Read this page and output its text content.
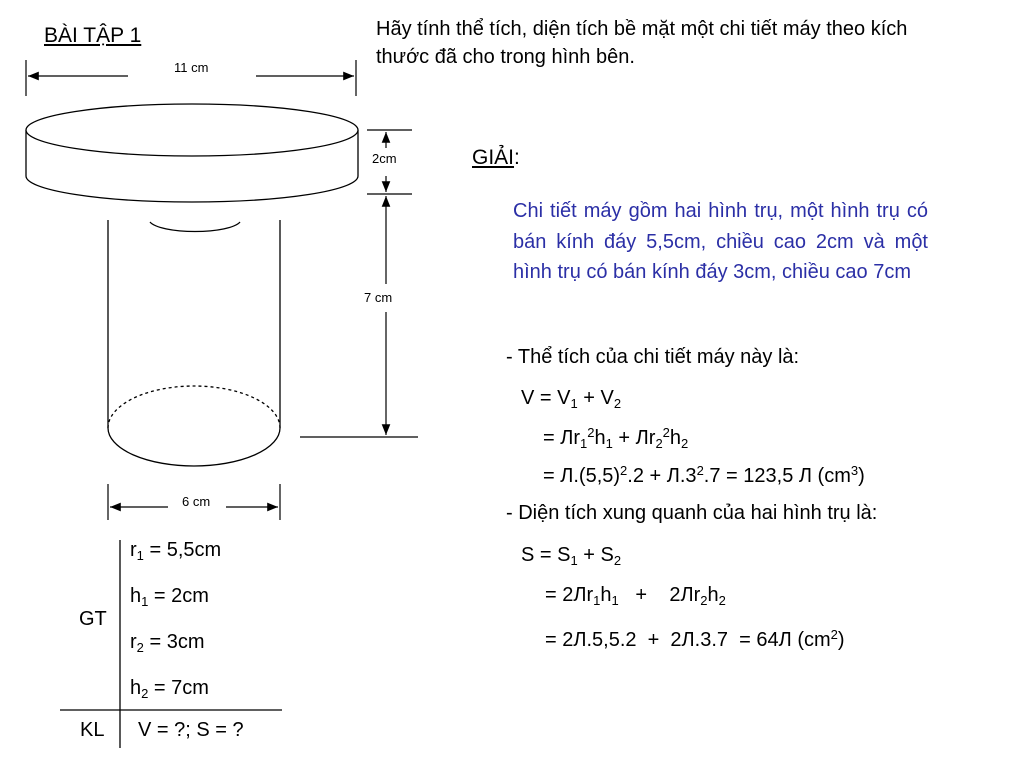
BÀI TẬP 1	Hãy tính thể tích, diện tích bề mặt một chi tiết máy theo kích thước đã cho trong hình bên.
11 cm
2cm
7 cm
6 cm
GT
$r_1 = 5,5cm$
$h_1 = 2cm$
$r_2 = 3cm$
$h_2 = 7cm$
KL V = ?; S = ?
GIẢI:
Chi tiết máy gồm hai hình trụ, một hình trụ có bán kính đáy 5,5cm, chiều cao 2cm và một hình trụ có bán kính đáy 3cm, chiều cao 7cm
- Thể tích của chi tiết máy này là:
$V = V_1 + V_2$
= $Лr_1^2h_1 + Лr_2^2h_2$
= $Л.(5,5)^2.2 + Л.3^2.7 = 123,5$ Л $(cm^3)$
- Diện tích xung quanh của hai hình trụ là:
$S = S_1 + S_2$
= $2Лr_1h_1$   +    $2Лr_2h_2$
= 2Л.5,5.2  +  2Л.3.7  = 64Л $(cm^2)$
